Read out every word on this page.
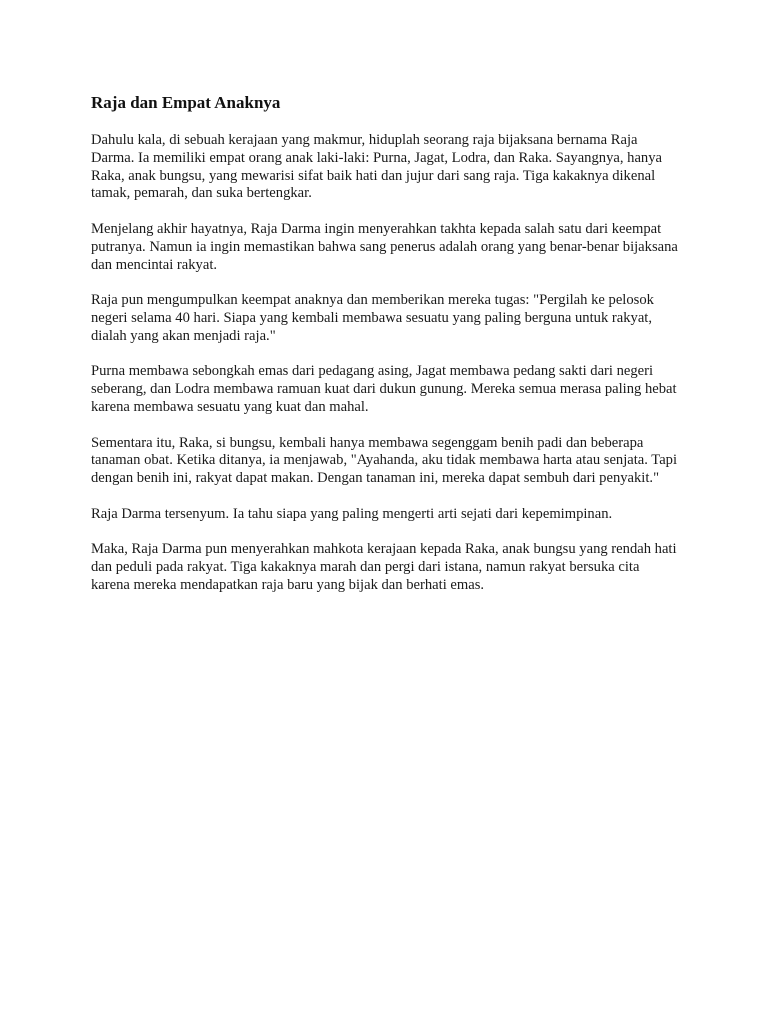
Raja dan Empat Anaknya

Dahulu kala, di sebuah kerajaan yang makmur, hiduplah seorang raja bijaksana bernama Raja Darma. Ia memiliki empat orang anak laki-laki: Purna, Jagat, Lodra, dan Raka. Sayangnya, hanya Raka, anak bungsu, yang mewarisi sifat baik hati dan jujur dari sang raja. Tiga kakaknya dikenal tamak, pemarah, dan suka bertengkar.

Menjelang akhir hayatnya, Raja Darma ingin menyerahkan takhta kepada salah satu dari keempat putranya. Namun ia ingin memastikan bahwa sang penerus adalah orang yang benar-benar bijaksana dan mencintai rakyat.

Raja pun mengumpulkan keempat anaknya dan memberikan mereka tugas: "Pergilah ke pelosok negeri selama 40 hari. Siapa yang kembali membawa sesuatu yang paling berguna untuk rakyat, dialah yang akan menjadi raja."

Purna membawa sebongkah emas dari pedagang asing, Jagat membawa pedang sakti dari negeri seberang, dan Lodra membawa ramuan kuat dari dukun gunung. Mereka semua merasa paling hebat karena membawa sesuatu yang kuat dan mahal.

Sementara itu, Raka, si bungsu, kembali hanya membawa segenggam benih padi dan beberapa tanaman obat. Ketika ditanya, ia menjawab, "Ayahanda, aku tidak membawa harta atau senjata. Tapi dengan benih ini, rakyat dapat makan. Dengan tanaman ini, mereka dapat sembuh dari penyakit."

Raja Darma tersenyum. Ia tahu siapa yang paling mengerti arti sejati dari kepemimpinan.

Maka, Raja Darma pun menyerahkan mahkota kerajaan kepada Raka, anak bungsu yang rendah hati dan peduli pada rakyat. Tiga kakaknya marah dan pergi dari istana, namun rakyat bersuka cita karena mereka mendapatkan raja baru yang bijak dan berhati emas.
